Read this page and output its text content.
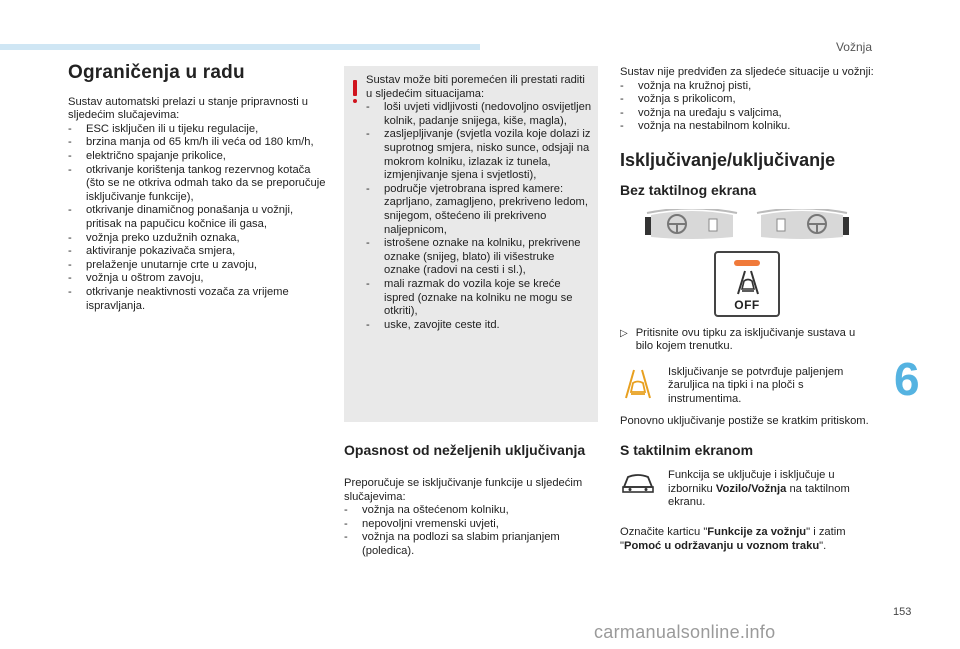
Vožnja
Ograničenja u radu

Sustav automatski prelazi u stanje pripravnosti u sljedećim slučajevima:

- ESC isključen ili u tijeku regulacije,
- brzina manja od 65 km/h ili veća od 180 km/h,
- električno spajanje prikolice,
- otkrivanje korištenja tankog rezervnog kotača (što se ne otkriva odmah tako da se preporučuje isključivanje funkcije),
- otkrivanje dinamičnog ponašanja u vožnji, pritisak na papučicu kočnice ili gasa,
- vožnja preko uzdužnih oznaka,
- aktiviranje pokazivača smjera,
- prelaženje unutarnje crte u zavoju,
- vožnja u oštrom zavoju,
- otkrivanje neaktivnosti vozača za vrijeme ispravljanja.

Sustav može biti poremećen ili prestati raditi u sljedećim situacijama:

- loši uvjeti vidljivosti (nedovoljno osvijetljen kolnik, padanje snijega, kiše, magla),
- zasljepljivanje (svjetla vozila koje dolazi iz suprotnog smjera, nisko sunce, odsjaji na mokrom kolniku, izlazak iz tunela, izmjenjivanje sjena i svjetlosti),
- područje vjetrobrana ispred kamere: zaprljano, zamagljeno, prekriveno ledom, snijegom, oštećeno ili prekriveno naljepnicom,
- istrošene oznake na kolniku, prekrivene oznake (snijeg, blato) ili višestruke oznake (radovi na cesti i sl.),
- mali razmak do vozila koje se kreće ispred (oznake na kolniku ne mogu se otkriti),
- uske, zavojite ceste itd.
Opasnost od neželjenih uključivanja

Preporučuje se isključivanje funkcije u sljedećim slučajevima:

- vožnja na oštećenom kolniku,
- nepovoljni vremenski uvjeti,
- vožnja na podlozi sa slabim prianjanjem (poledica).

Sustav nije predviđen za sljedeće situacije u vožnji:

- vožnja na kružnoj pisti,
- vožnja s prikolicom,
- vožnja na uređaju s valjcima,
- vožnja na nestabilnom kolniku.
Isključivanje/uključivanje
Bez taktilnog ekrana
OFF
▷ Pritisnite ovu tipku za isključivanje sustava u bilo kojem trenutku.

Isključivanje se potvrđuje paljenjem žaruljica na tipki i na ploči s instrumentima.

Ponovno uključivanje postiže se kratkim pritiskom.

S taktilnim ekranom

Funkcija se uključuje i isključuje u izborniku Vozilo/Vožnja na taktilnom ekranu.

Označite karticu "Funkcije za vožnju" i zatim "Pomoć u održavanju u voznom traku".

6
153
carmanualsonline.info
